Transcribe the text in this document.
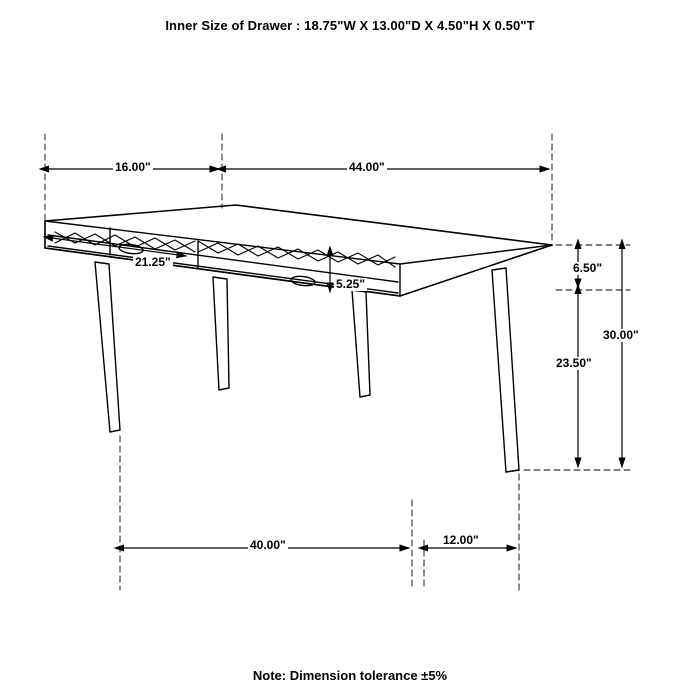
Inner Size of Drawer : 18.75"W X 13.00"D X 4.50"H X 0.50"T
16.00"	44.00"
21.25"
5.25"
6.50"
23.50"
30.00"
40.00"	12.00"
Note: Dimension tolerance ±5%
